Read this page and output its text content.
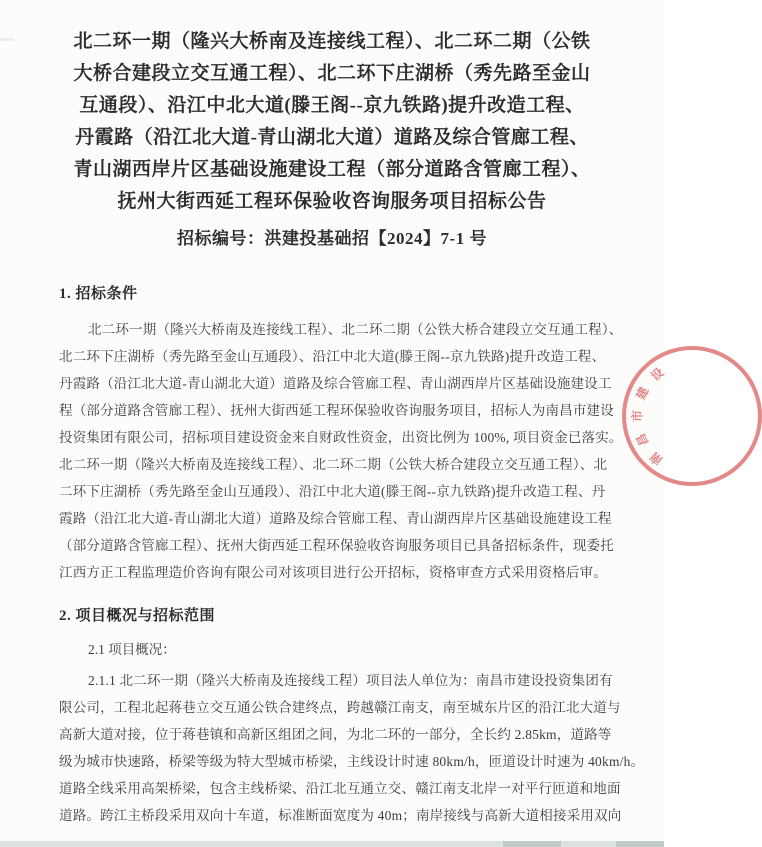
北二环一期（隆兴大桥南及连接线工程）、北二环二期（公铁
大桥合建段立交互通工程）、北二环下庄湖桥（秀先路至金山
互通段）、沿江中北大道(滕王阁--京九铁路)提升改造工程、
丹霞路（沿江北大道-青山湖北大道）道路及综合管廊工程、
青山湖西岸片区基础设施建设工程（部分道路含管廊工程）、
抚州大街西延工程环保验收咨询服务项目招标公告
招标编号：洪建投基础招【2024】7-1 号
1. 招标条件
北二环一期（隆兴大桥南及连接线工程）、北二环二期（公铁大桥合建段立交互通工程）、
北二环下庄湖桥（秀先路至金山互通段）、沿江中北大道(滕王阁--京九铁路)提升改造工程、
丹霞路（沿江北大道-青山湖北大道）道路及综合管廊工程、青山湖西岸片区基础设施建设工
程（部分道路含管廊工程）、抚州大街西延工程环保验收咨询服务项目，招标人为南昌市建设
投资集团有限公司，招标项目建设资金来自财政性资金，出资比例为 100%, 项目资金已落实。
北二环一期（隆兴大桥南及连接线工程）、北二环二期（公铁大桥合建段立交互通工程）、北
二环下庄湖桥（秀先路至金山互通段）、沿江中北大道(滕王阁--京九铁路)提升改造工程、丹
霞路（沿江北大道-青山湖北大道）道路及综合管廊工程、青山湖西岸片区基础设施建设工程
（部分道路含管廊工程）、抚州大街西延工程环保验收咨询服务项目已具备招标条件，现委托
江西方正工程监理造价咨询有限公司对该项目进行公开招标，资格审查方式采用资格后审。
2. 项目概况与招标范围
2.1 项目概况：
2.1.1 北二环一期（隆兴大桥南及连接线工程）项目法人单位为：南昌市建设投资集团有
限公司，工程北起蒋巷立交互通公铁合建终点，跨越赣江南支，南至城东片区的沿江北大道与
高新大道对接，位于蒋巷镇和高新区组团之间，为北二环的一部分，全长约 2.85km，道路等
级为城市快速路，桥梁等级为特大型城市桥梁，主线设计时速 80km/h，匝道设计时速为 40km/h。
道路全线采用高架桥梁，包含主线桥梁、沿江北互通立交、赣江南支北岸一对平行匝道和地面
道路。跨江主桥段采用双向十车道，标准断面宽度为 40m；南岸接线与高新大道相接采用双向
设
建
市
昌
南
